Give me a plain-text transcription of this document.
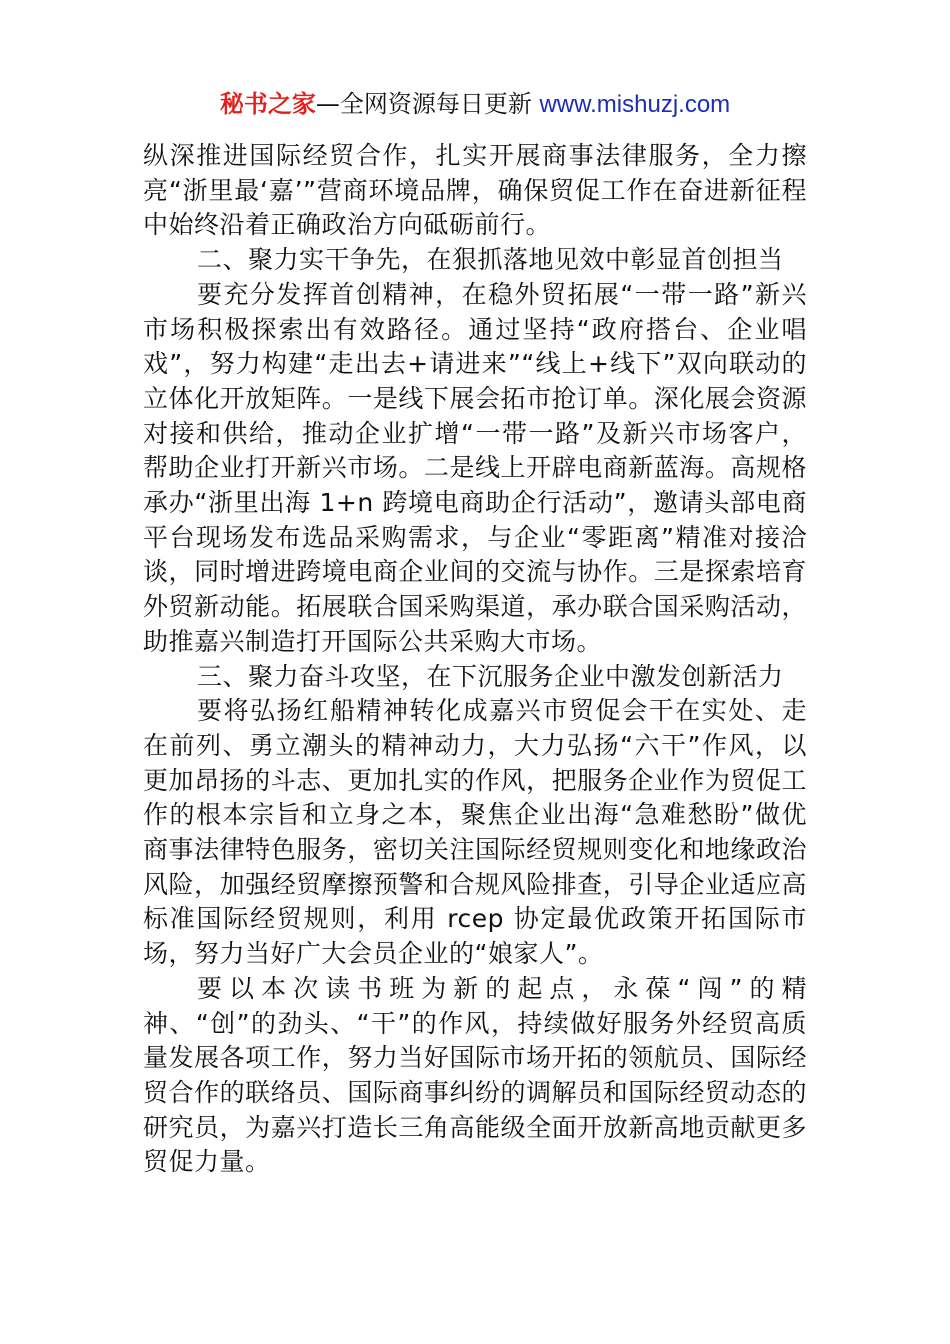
秘书之家—全网资源每日更新 www.mishuzj.com

纵深推进国际经贸合作，扎实开展商事法律服务，全力擦亮“浙里最‘嘉’”营商环境品牌，确保贸促工作在奋进新征程中始终沿着正确政治方向砥砺前行。

二、聚力实干争先，在狠抓落地见效中彰显首创担当

要充分发挥首创精神，在稳外贸拓展“一带一路”新兴市场积极探索出有效路径。通过坚持“政府搭台、企业唱戏”，努力构建“走出去+请进来”“线上+线下”双向联动的立体化开放矩阵。一是线下展会拓市抢订单。深化展会资源对接和供给，推动企业扩增“一带一路”及新兴市场客户，帮助企业打开新兴市场。二是线上开辟电商新蓝海。高规格承办“浙里出海 1+n 跨境电商助企行活动”，邀请头部电商平台现场发布选品采购需求，与企业“零距离”精准对接洽谈，同时增进跨境电商企业间的交流与协作。三是探索培育外贸新动能。拓展联合国采购渠道，承办联合国采购活动，助推嘉兴制造打开国际公共采购大市场。

三、聚力奋斗攻坚，在下沉服务企业中激发创新活力

要将弘扬红船精神转化成嘉兴市贸促会干在实处、走在前列、勇立潮头的精神动力，大力弘扬“六干”作风，以更加昂扬的斗志、更加扎实的作风，把服务企业作为贸促工作的根本宗旨和立身之本，聚焦企业出海“急难愁盼”做优商事法律特色服务，密切关注国际经贸规则变化和地缘政治风险，加强经贸摩擦预警和合规风险排查，引导企业适应高标准国际经贸规则，利用 rcep 协定最优政策开拓国际市场，努力当好广大会员企业的“娘家人”。

要以本次读书班为新的起点，永葆“闯”的精神、“创”的劲头、“干”的作风，持续做好服务外经贸高质量发展各项工作，努力当好国际市场开拓的领航员、国际经贸合作的联络员、国际商事纠纷的调解员和国际经贸动态的研究员，为嘉兴打造长三角高能级全面开放新高地贡献更多贸促力量。
